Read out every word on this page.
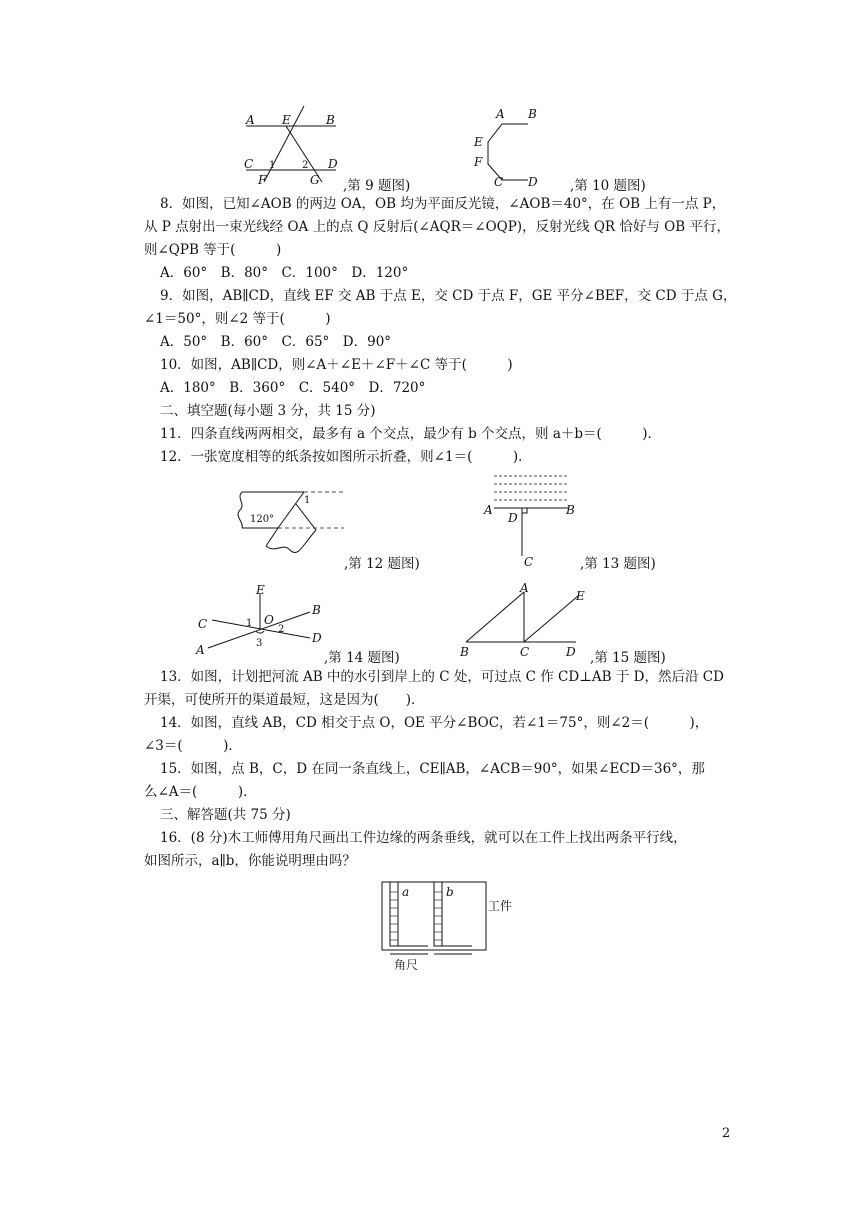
A E	B
C 1	2 D
F	G ,第 9 题图)
A B
E
F
C D ,第 10 题图)
8．如图，已知∠AOB 的两边 OA，OB 均为平面反光镜，∠AOB＝40°，在 OB 上有一点 P，
从 P 点射出一束光线经 OA 上的点 Q 反射后(∠AQR＝∠OQP)，反射光线 QR 恰好与 OB 平行，
则∠QPB 等于(　　　)
A．60°　B．80°　C．100°　D．120°
9．如图，AB∥CD，直线 EF 交 AB 于点 E，交 CD 于点 F，GE 平分∠BEF，交 CD 于点 G，
∠1＝50°，则∠2 等于(　　　)
A．50°　B．60°　C．65°　D．90°
10．如图，AB∥CD，则∠A＋∠E＋∠F＋∠C 等于(　　　)
A．180°　B．360°　C．540°　D．720°
二、填空题(每小题 3 分，共 15 分)
11．四条直线两两相交，最多有 a 个交点，最少有 b 个交点，则 a＋b＝(　　　)．
12．一张宽度相等的纸条按如图所示折叠，则∠1＝(　　　)．
1
120°
,第 12 题图)
A
D
B
C	,第 13 题图)
E
B
C	1 O
2
D
A	3
,第 14 题图)
A
E
B	C	D ,第 15 题图)
13．如图，计划把河流 AB 中的水引到岸上的 C 处，可过点 C 作 CD⊥AB 于 D，然后沿 CD
开渠，可使所开的渠道最短，这是因为(　　)．
14．如图，直线 AB，CD 相交于点 O，OE 平分∠BOC，若∠1＝75°，则∠2＝(　　　)，
∠3＝(　　　)．
15．如图，点 B，C，D 在同一条直线上，CE∥AB，∠ACB＝90°，如果∠ECD＝36°，那
么∠A＝(　　　)．
三、解答题(共 75 分)
16．(8 分)木工师傅用角尺画出工件边缘的两条垂线，就可以在工件上找出两条平行线，
如图所示，a∥b，你能说明理由吗？
a	b
工件
角尺
2
